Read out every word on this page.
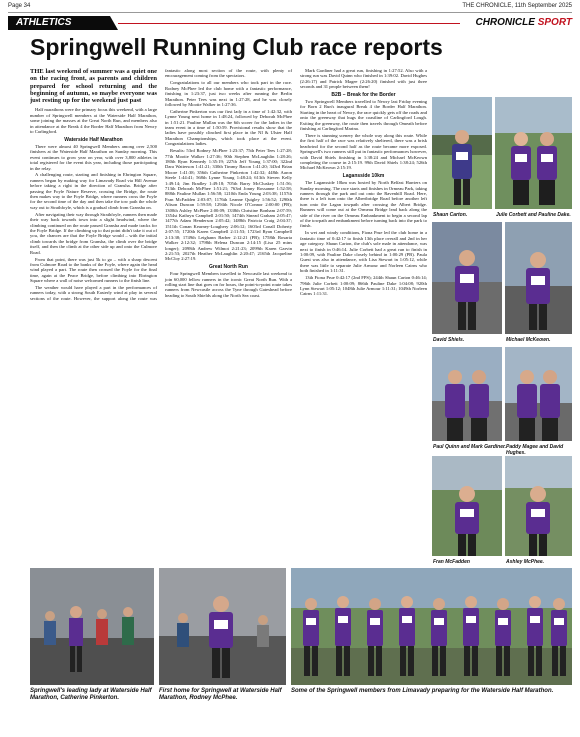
Page 34	THE CHRONICLE, 11th September 2025
ATHLETICS	CHRONICLE SPORT
Springwell Running Club race reports

THE last weekend of summer was a quiet one on the racing front, as parents and children prepared for school returning and the beginning of autumn, so maybe everyone was just resting up for the weekend just past

Half marathons were the primary focus this weekend, with a large number of Springwell members at the Waterside Half Marathon, some joining the masses at the Great North Run, and members also in attendance at the Break 4 the Border Half Marathon from Newry to Carlingford.

Waterside Half Marathon

There were almost 40 Springwell Members among over 2,500 finishers at the Waterside Half Marathon on Sunday morning. This event continues to grow year on year, with over 3,800 athletes in total registered for the event this year, including those participating in the relay.

A challenging route, starting and finishing in Ebrington Square, runners began by making way for Limavady Road via Hill Avenue before taking a right in the direction of Gransha. Bridge after passing the Foyle Nature Reserve, crossing the Bridge, the route then makes way to the Foyle Bridge, where runners cross the Foyle for the second time of the day and then take the tow path the whole way out to Strathfoyle, which is a gradual climb from Gransha on.

After navigating their way through Strathfoyle, runners then made their way back towards town into a slight headwind, where the climbing continued on the route passed Gransha and made tracks for the Foyle Bridge. If the climbing up to that point didn't take it out of you, the chances are that the Foyle Bridge would – with the initial climb towards the bridge from Gransha, the climb over the bridge itself, and then the climb at the other side up and onto the Culmore Road.

From that point, there was just 5k to go – with a sharp descent from Culmore Road to the banks of the Foyle, where again the head wind played a part. The route then crossed the Foyle for the final time, again at the Peace Bridge, before climbing into Ebrington Square where a wall of noise welcomed runners to the finish line.

The weather would have played a part in the performances of runners today, with a strong South Easterly wind at play in several sections of the route. However, the support along the route was fantastic along most section of the route, with plenty of encouragement coming from the spectators.

Congratulations to all our members who took part in the race. Rodney McPhee led the club home with a fantastic performance, finishing in 1:23:37, just two weeks after running the Berlin Marathon. Peter Tees was next in 1:27:28, and he was closely followed by Mootie Walker in 1:27:36.

Catherine Pinkerton was our first lady in a time of 1:42:32, with Lynne Young next home in 1:48:24, followed by Deborah McPhee in 1:51:21. Pauline Mullan was the 6th scorer for the ladies in the team event in a time of 1:50:59. Provisional results show that the ladies have possibly clinched first place in the NI & Ulster Half Marathon Championships, which took place at the event. Congratulations ladies.

Results: 53rd Rodney McPhee 1:23:37; 75th Peter Tees 1:27:28; 77th Mootie Walker 1:27:36; 90th Stephen McLaughlin 1:28:26; 180th Ryan Kennedy 1:35:19; 227th Jeff Young 1:37:00; 322nd Dara Watterson 1:41:21; 330th Timmy Bacon 1:41:20; 343rd Brian Moore 1:41:38; 356th Catherine Pinkerton 1:42:32; 448th Aaron Steele 1:44:41; 568th Lynne Young 1:48:24; 613th Steven Kelly 1:49:14; Jim Bradley 1:49:18; 705th Barry McCluskey 1:51:56; 713th Deborah McPhee 1:51:21; 763rd Jonny Rossanne 1:52:58; 888th Pauline Mullan 1:56:58; 1210th Enda Young 2:03:38; 1157th Fran McFadden 2:03:07; 1176th Leanne Quigley 1:56:52; 1290th Alison Duncan 1:59:58; 1294th Nicole O'Connor 2:00:00 (PB); 1300th Ashley McPhee 2:00:09; 1338th Christine Bonham 2:07:59; 1354st Kathryn Campbell 2:01:50; 1474th Sinead Graham 2:05:47; 1477th Adam Henderson 2:05:42; 1488th Patricia Craig 2:04:37; 1511th Conan Kearney-Loughery 2:06:12; 1603rd Conall Doherty 2:07:55; 1720th Karen Campbell 2:11:53; 1723rd Ryan Campbell 2:13:38; 1749th Leighann Barber 2:12:21 (PB); 1758th Rosaria Walker 2:12:32; 1798th Helena Duncan 2:14:15 (Lisa 25 mins longer); 2098th Andrew Wilmot 2:21:23; 2099th Karen Garvin 2:21:53; 2027th Heather McLaughlin 2:20:47; 2165th Jacqueline McCloy 2:27:19.

Great North Run

Four Springwell Members travelled to Newcastle last weekend to join 60,000 fellow runners in the iconic Great North Run. With a rolling start line that goes on for hours, the point-to-point route takes runners from Newcastle across the Tyne through Gateshead before heading to South Shields along the North Sea coast.

Mark Gardiner had a great run, finishing in 1:27:52. Also with a strong run was David Quinn who finished in 1:39:02. David Hughes (2:26:17) and Patrick Magee (2:26:20) finished with just three seconds and 31 people between them!

B2B – Break for the Border

Two Springwell Members travelled to Newry last Friday evening for Born 2 Run's inaugural Break 4 the Border Half Marathon. Starting in the heart of Newry, the race quickly gets off the roads and onto the greenway that hugs the coastline of Carlingford Lough. Exiting the greenway, the route then travels through Omeath before finishing at Carlingford Marina.

There is stunning scenery the whole way along this route. While the first half of the race was relatively sheltered, there was a brisk headwind for the second half as the route became more exposed. Springwell's two runners still put in fantastic performances however, with David Shiels finishing in 1:38:24 and Michael McKeown completing the course in 2:15:19. 99th David Shiels 1:38:24; 526th Michael McKeown 2:15:19.

Lagansside 10km

The Lagansside 10km was hosted by North Belfast Harriers on Sunday morning. The race starts and finishes in Ormeau Park, taking runners through the park and out onto the Ravenhill Road. Here, there is a left turn onto the Albertbridge Road before another left turn onto the Lagan towpath after crossing the Albert Bridge. Runners will come out at the Ormeau Bridge lead back along the side of the river on the Ormeau Embankment to begin a second lap of the towpath and embankment before turning back into the park to finish.

In wet and windy conditions, Fiona Prue led the club home in a fantastic time of 0:42:17 to finish 13th place overall and 2nd in her age category. Shaun Carton, the club's sole male in attendance, was next to finish in 0:46:14. Julie Corbett had a great run to finish in 1:00:09, with Pauline Dake closely behind in 1:00:29 (PB). Paula Guest was also in attendance, with Lisa Stewart in 1:05:12, while there was little to separate Julie Armour and Norleen Cairns who both finished in 1:11:31.

13th Fiona Prue 0:42:17 (2nd FPS); 244th Shaun Carton 0:46:14; 796th Julie Corbett 1:00:09; 866th Pauline Dake 1:04:08; 920th Lynn Stewart 1:05:12; 1048th Julie Armour 1:11:31; 1049th Norleen Cairns 1:11:31.

Shaun Carton.	Julie Corbett and Pauline Dake.
David Shiels.	Michael McKeown.
Paul Quinn and Mark Gardiner. Paddy Magee and David Hughes.
Fran McFadden	Ashley McPhee.
Springwell's leading lady at Waterside Half Marathon, Catherine Pinkerton.
First home for Springwell at Waterside Half Marathon, Rodney McPhee.
Some of the Springwell members from Limavady preparing for the Waterside Half Marathon.
